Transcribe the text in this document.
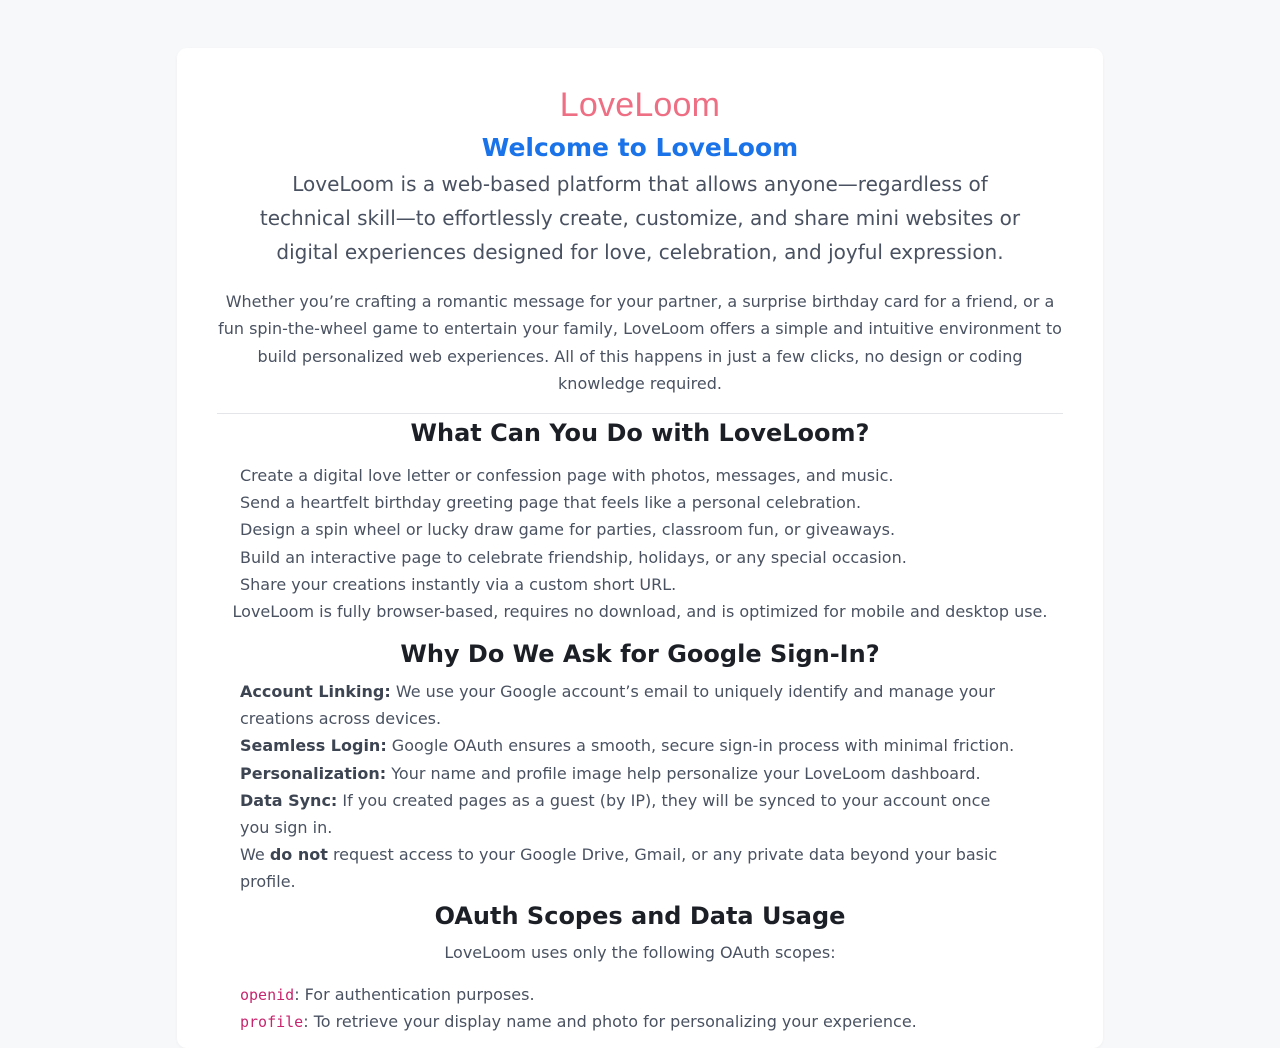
LoveLoom
Welcome to LoveLoom

LoveLoom is a web-based platform that allows anyone—regardless of technical skill—to effortlessly create, customize, and share mini websites or digital experiences designed for love, celebration, and joyful expression.

Whether you’re crafting a romantic message for your partner, a surprise birthday card for a friend, or a fun spin-the-wheel game to entertain your family, LoveLoom offers a simple and intuitive environment to build personalized web experiences. All of this happens in just a few clicks, no design or coding knowledge required.

What Can You Do with LoveLoom?
Create a digital love letter or confession page with photos, messages, and music.
Send a heartfelt birthday greeting page that feels like a personal celebration.
Design a spin wheel or lucky draw game for parties, classroom fun, or giveaways.
Build an interactive page to celebrate friendship, holidays, or any special occasion.
Share your creations instantly via a custom short URL.

LoveLoom is fully browser-based, requires no download, and is optimized for mobile and desktop use.

Why Do We Ask for Google Sign-In?
Account Linking: We use your Google account’s email to uniquely identify and manage your creations across devices.
Seamless Login: Google OAuth ensures a smooth, secure sign-in process with minimal friction.
Personalization: Your name and profile image help personalize your LoveLoom dashboard.
Data Sync: If you created pages as a guest (by IP), they will be synced to your account once you sign in.
We do not request access to your Google Drive, Gmail, or any private data beyond your basic profile.
OAuth Scopes and Data Usage

LoveLoom uses only the following OAuth scopes:

openid: For authentication purposes.
profile: To retrieve your display name and photo for personalizing your experience.
